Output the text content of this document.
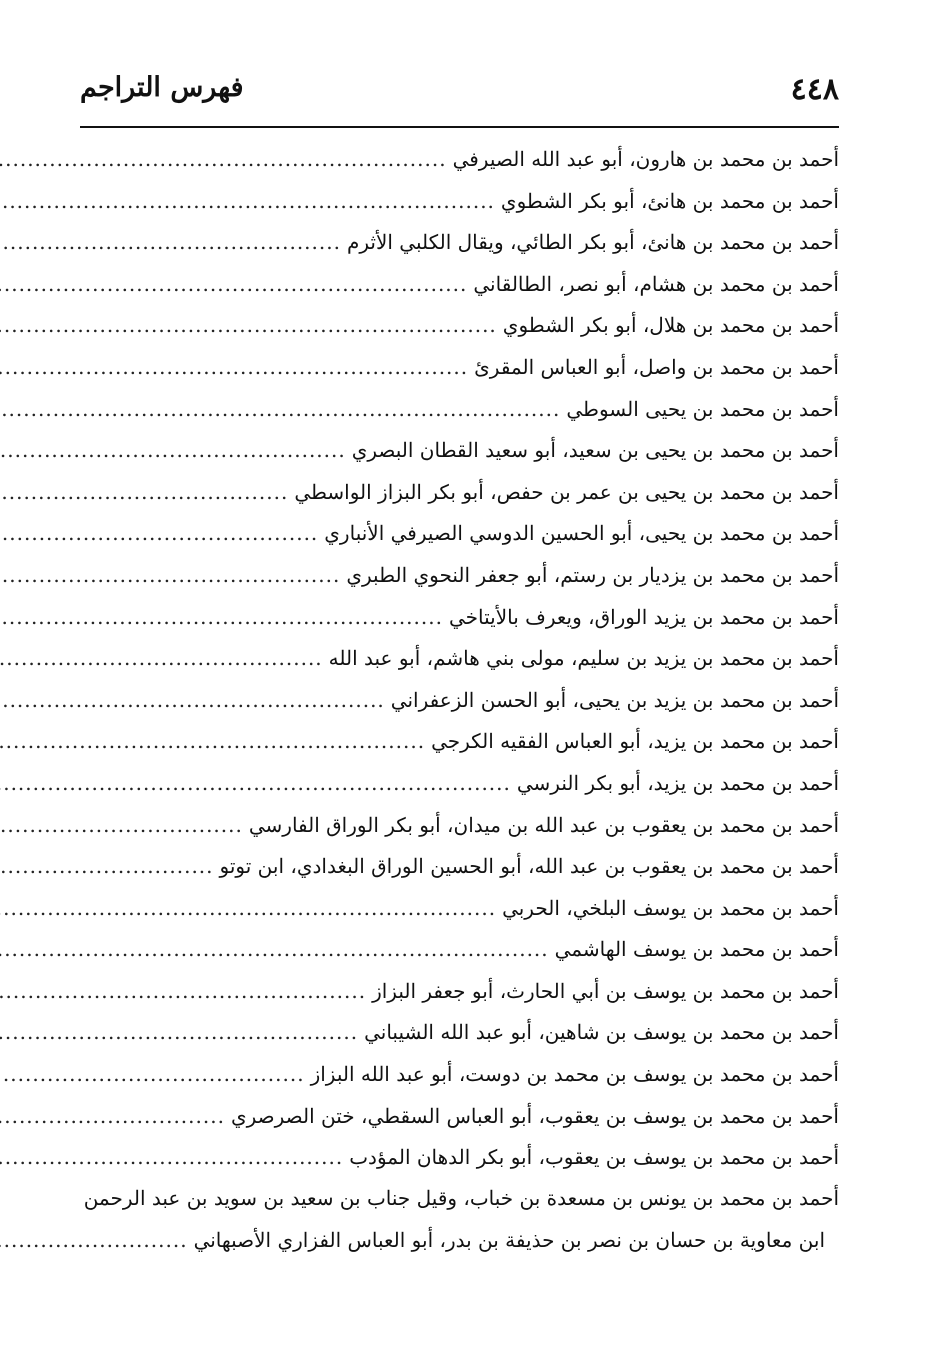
٤٤٨
فهرس التراجم
أحمد بن محمد بن هارون، أبو عبد الله الصيرفي
.....
أحمد بن محمد بن هانئ، أبو بكر الشطوي
.....
أحمد بن محمد بن هانئ، أبو بكر الطائي، ويقال الكلبي الأثرم
.....
أحمد بن محمد بن هشام، أبو نصر، الطالقاني
.....
أحمد بن محمد بن هلال، أبو بكر الشطوي
.....
أحمد بن محمد بن واصل، أبو العباس المقرئ
.....
أحمد بن محمد بن يحيى السوطي
.....
أحمد بن محمد بن يحيى بن سعيد، أبو سعيد القطان البصري
.....
أحمد بن محمد بن يحيى بن عمر بن حفص، أبو بكر البزاز الواسطي
.....
أحمد بن محمد بن يحيى، أبو الحسين الدوسي الصيرفي الأنباري
.....
أحمد بن محمد بن يزديار بن رستم، أبو جعفر النحوي الطبري
.....
أحمد بن محمد بن يزيد الوراق، ويعرف بالأيتاخي
.....
أحمد بن محمد بن يزيد بن سليم، مولى بني هاشم، أبو عبد الله
.....
أحمد بن محمد بن يزيد بن يحيى، أبو الحسن الزعفراني
.....
أحمد بن محمد بن يزيد، أبو العباس الفقيه الكرجي
.....
أحمد بن محمد بن يزيد، أبو بكر النرسي
.....
أحمد بن محمد بن يعقوب بن عبد الله بن ميدان، أبو بكر الوراق الفارسي
.....
أحمد بن محمد بن يعقوب بن عبد الله، أبو الحسين الوراق البغدادي، ابن توتو
.....
أحمد بن محمد بن يوسف البلخي، الحربي
.....
أحمد بن محمد بن يوسف الهاشمي
.....
أحمد بن محمد بن يوسف بن أبي الحارث، أبو جعفر البزاز
.....
أحمد بن محمد بن يوسف بن شاهين، أبو عبد الله الشيباني
.....
أحمد بن محمد بن يوسف بن محمد بن دوست، أبو عبد الله البزاز
.....
أحمد بن محمد بن يوسف بن يعقوب، أبو العباس السقطي، ختن الصرصري
.....
أحمد بن محمد بن يوسف بن يعقوب، أبو بكر الدهان المؤدب
.....
أحمد بن محمد بن يونس بن مسعدة بن خباب، وقيل جناب بن سعيد بن سويد بن عبد الرحمن
ابن معاوية بن حسان بن نصر بن حذيفة بن بدر، أبو العباس الفزاري الأصبهاني
.....
